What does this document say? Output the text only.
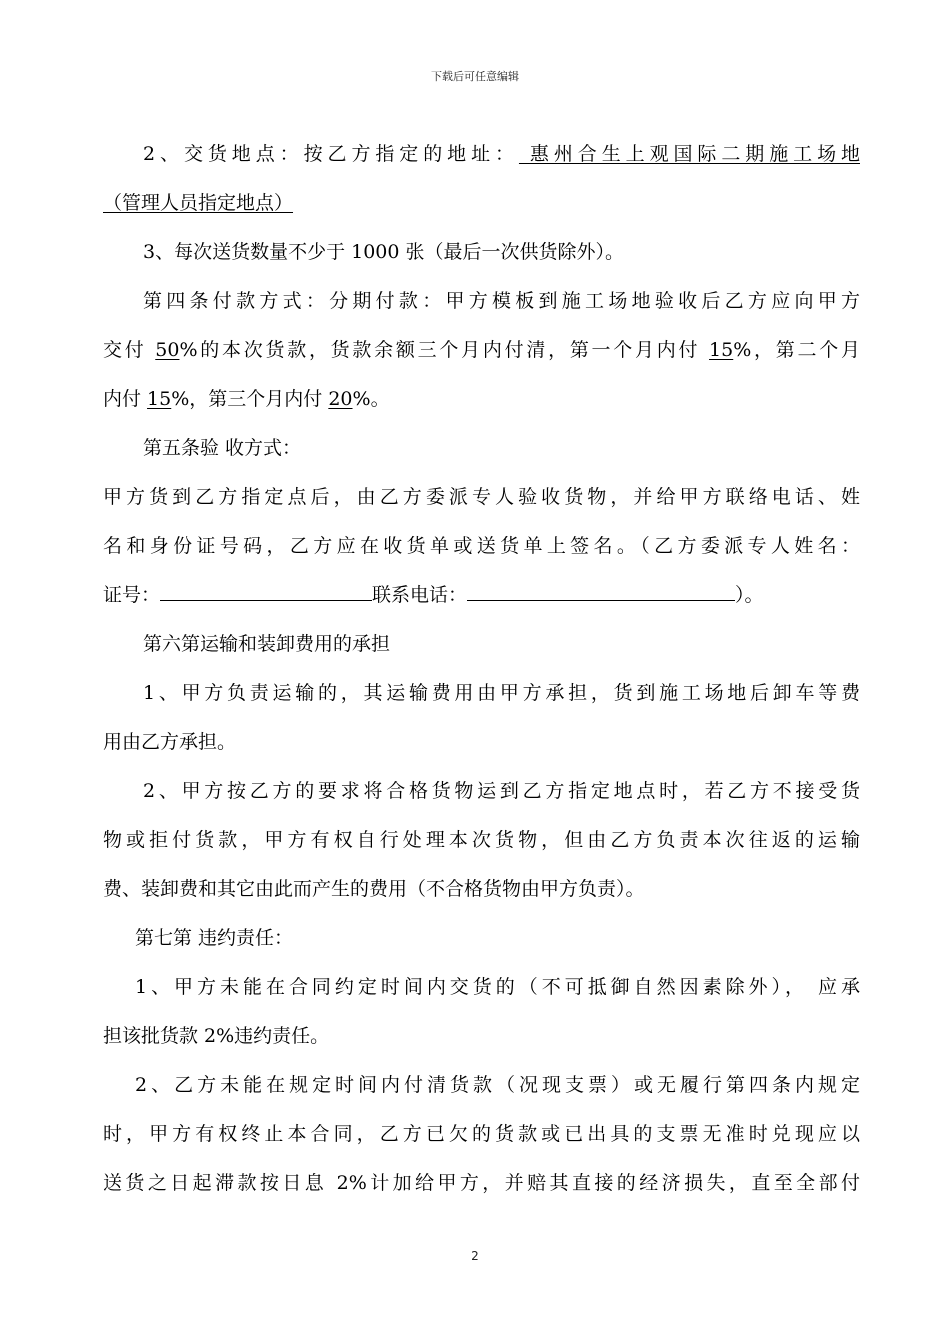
下载后可任意编辑
2、交货地点：按乙方指定的地址： 惠州合生上观国际二期施工场地
（管理人员指定地点）
3、每次送货数量不少于 1000 张（最后一次供货除外）。
第四条付款方式：分期付款：甲方模板到施工场地验收后乙方应向甲方
交付 50%的本次货款，货款余额三个月内付清，第一个月内付 15%，第二个月
内付 15%，第三个月内付 20%。
第五条验 收方式：
甲方货到乙方指定点后，由乙方委派专人验收货物，并给甲方联络电话、姓
名和身份证号码，乙方应在收货单或送货单上签名。（乙方委派专人姓名：
证号：	联系电话：	）。
第六第运输和装卸费用的承担
1、甲方负责运输的，其运输费用由甲方承担，货到施工场地后卸车等费
用由乙方承担。
2、甲方按乙方的要求将合格货物运到乙方指定地点时，若乙方不接受货
物或拒付货款，甲方有权自行处理本次货物，但由乙方负责本次往返的运输
费、装卸费和其它由此而产生的费用（不合格货物由甲方负责）。
第七第 违约责任：
1、甲方未能在合同约定时间内交货的（不可抵御自然因素除外）， 应承
担该批货款 2%违约责任。
2、乙方未能在规定时间内付清货款（况现支票）或无履行第四条内规定
时，甲方有权终止本合同，乙方已欠的货款或已出具的支票无准时兑现应以
送货之日起滞款按日息 2%计加给甲方，并赔其直接的经济损失，直至全部付
2
